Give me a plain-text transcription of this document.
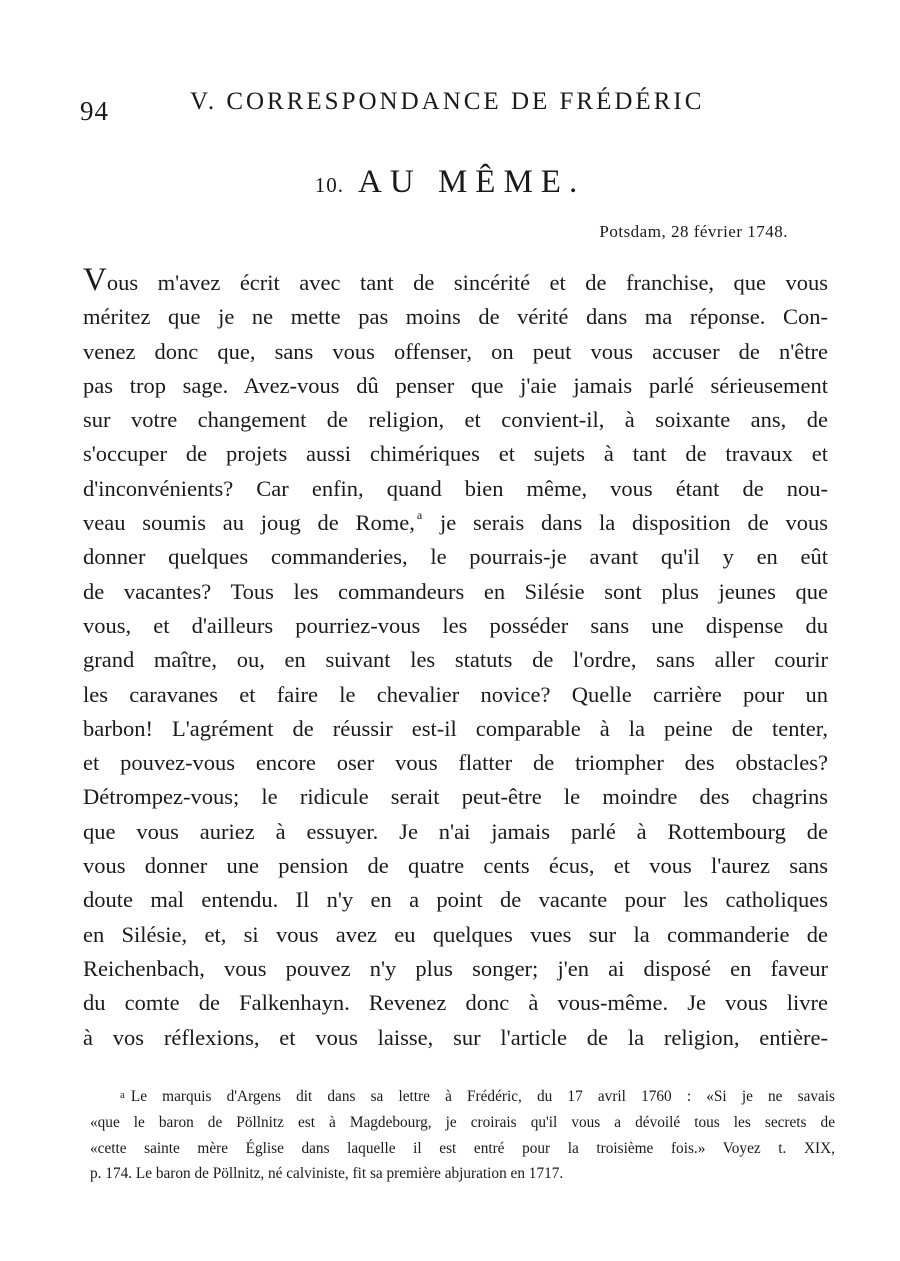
94	V. CORRESPONDANCE DE FRÉDÉRIC
10. AU MÊME.
Potsdam, 28 février 1748.
Vous m'avez écrit avec tant de sincérité et de franchise, que vous
méritez que je ne mette pas moins de vérité dans ma réponse. Con-
venez donc que, sans vous offenser, on peut vous accuser de n'être
pas trop sage. Avez-vous dû penser que j'aie jamais parlé sérieusement
sur votre changement de religion, et convient-il, à soixante ans, de
s'occuper de projets aussi chimériques et sujets à tant de travaux et
d'inconvénients? Car enfin, quand bien même, vous étant de nou-
veau soumis au joug de Rome, $^a$ je serais dans la disposition de vous
donner quelques commanderies, le pourrais-je avant qu'il y en eût
de vacantes? Tous les commandeurs en Silésie sont plus jeunes que
vous, et d'ailleurs pourriez-vous les posséder sans une dispense du
grand maître, ou, en suivant les statuts de l'ordre, sans aller courir
les caravanes et faire le chevalier novice? Quelle carrière pour un
barbon! L'agrément de réussir est-il comparable à la peine de tenter,
et pouvez-vous encore oser vous flatter de triompher des obstacles?
Détrompez-vous; le ridicule serait peut-être le moindre des chagrins
que vous auriez à essuyer. Je n'ai jamais parlé à Rottembourg de
vous donner une pension de quatre cents écus, et vous l'aurez sans
doute mal entendu. Il n'y en a point de vacante pour les catholiques
en Silésie, et, si vous avez eu quelques vues sur la commanderie de
Reichenbach, vous pouvez n'y plus songer; j'en ai disposé en faveur
du comte de Falkenhayn. Revenez donc à vous-même. Je vous livre
à vos réflexions, et vous laisse, sur l'article de la religion, entière-
a Le marquis d'Argens dit dans sa lettre à Frédéric, du 17 avril 1760 : «Si je ne savais
«que le baron de Pöllnitz est à Magdebourg, je croirais qu'il vous a dévoilé tous les secrets de
«cette sainte mère Église dans laquelle il est entré pour la troisième fois.» Voyez t. XIX,
p. 174. Le baron de Pöllnitz, né calviniste, fit sa première abjuration en 1717.
